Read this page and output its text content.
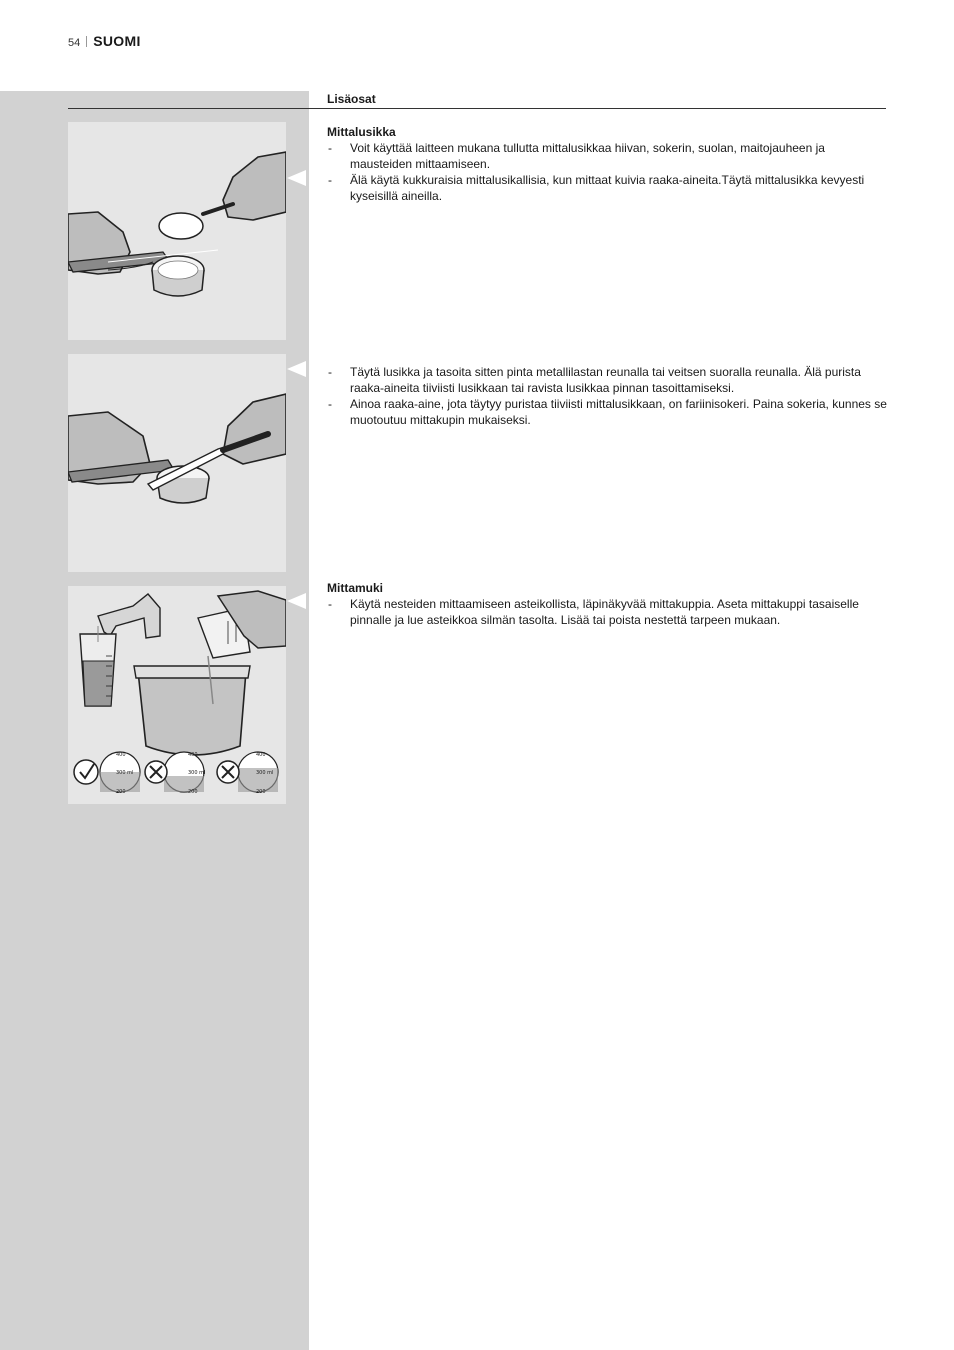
54 SUOMI
Lisäosat
400
300 ml
200
400
300 ml
200
400
300 ml
200
Mittalusikka
- Voit käyttää laitteen mukana tullutta mittalusikkaa hiivan, sokerin, suolan, maitojauheen ja mausteiden mittaamiseen.
- Älä käytä kukkuraisia mittalusikallisia, kun mittaat kuivia raaka-aineita.Täytä mittalusikka kevyesti kyseisillä aineilla.
- Täytä lusikka ja tasoita sitten pinta metallilastan reunalla tai veitsen suoralla reunalla. Älä purista raaka-aineita tiiviisti lusikkaan tai ravista lusikkaa pinnan tasoittamiseksi.
- Ainoa raaka-aine, jota täytyy puristaa tiiviisti mittalusikkaan, on fariinisokeri. Paina sokeria, kunnes se muotoutuu mittakupin mukaiseksi.
Mittamuki
- Käytä nesteiden mittaamiseen asteikollista, läpinäkyvää mittakuppia. Aseta mittakuppi tasaiselle pinnalle ja lue asteikkoa silmän tasolta. Lisää tai poista nestettä tarpeen mukaan.
